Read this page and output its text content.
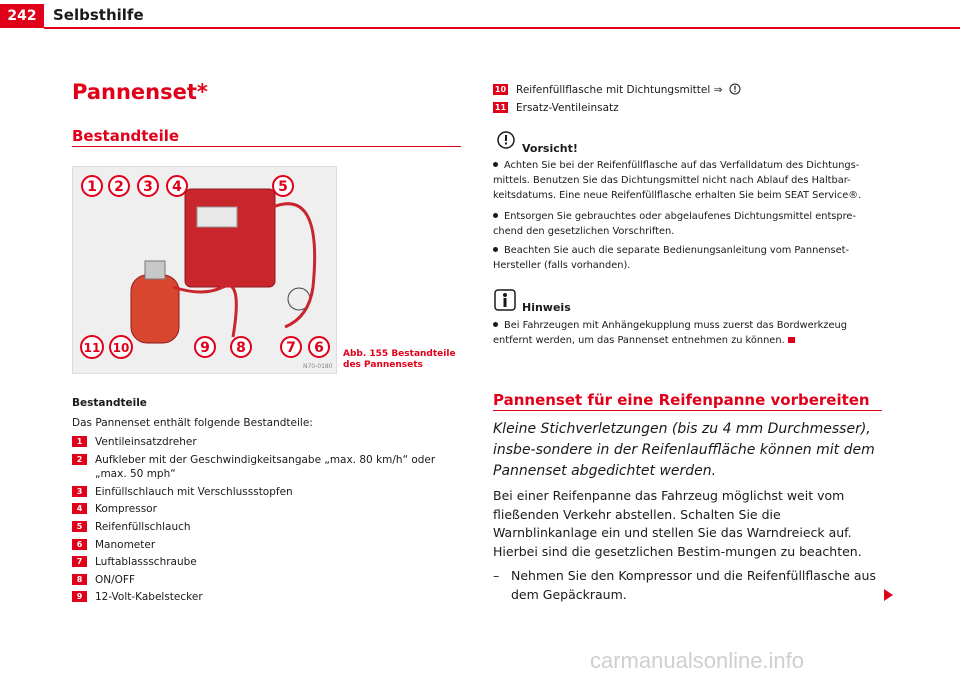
242	Selbsthilfe
Pannenset*
Bestandteile
1 2 3 4	5
6
7
8
9
10
11
N70-0180
Abb. 155 Bestandteile
des Pannensets
Bestandteile
Das Pannenset enthält folgende Bestandteile:
1	Ventileinsatzdreher
2	Aufkleber mit der Geschwindigkeitsangabe „max. 80 km/h“ oder
„max. 50 mph“
3	Einfüllschlauch mit Verschlussstopfen
4	Kompressor
5	Reifenfüllschlauch
6	Manometer
7	Luftablassschraube
8	ON/OFF
9	12-Volt-Kabelstecker
10 Reifenfüllflasche mit Dichtungsmittel ⇒
11 Ersatz-Ventileinsatz
Vorsicht!
Achten Sie bei der Reifenfüllflasche auf das Verfalldatum des Dichtungs-mittels. Benutzen Sie das Dichtungsmittel nicht nach Ablauf des Haltbar-keitsdatums. Eine neue Reifenfüllflasche erhalten Sie beim SEAT Service®.
Entsorgen Sie gebrauchtes oder abgelaufenes Dichtungsmittel entspre-chend den gesetzlichen Vorschriften.
Beachten Sie auch die separate Bedienungsanleitung vom Pannenset-Hersteller (falls vorhanden).
Hinweis
Bei Fahrzeugen mit Anhängekupplung muss zuerst das Bordwerkzeug entfernt werden, um das Pannenset entnehmen zu können.
Pannenset für eine Reifenpanne vorbereiten
Kleine Stichverletzungen (bis zu 4 mm Durchmesser), insbe-sondere in der Reifenlauffläche können mit dem Pannenset abgedichtet werden.
Bei einer Reifenpanne das Fahrzeug möglichst weit vom fließenden Verkehr abstellen. Schalten Sie die Warnblinkanlage ein und stellen Sie das Warndreieck auf. Hierbei sind die gesetzlichen Bestim-mungen zu beachten.
– Nehmen Sie den Kompressor und die Reifenfüllflasche aus dem Gepäckraum.
carmanualsonline.info
